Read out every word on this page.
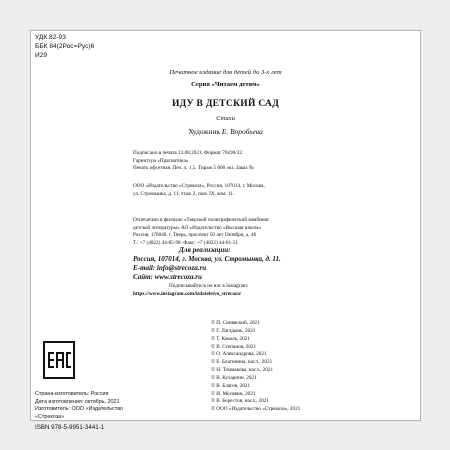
УДК 82-93
ББК 84(2Рос=Рус)6
И29
Печатное издание для детей до 3-х лет
Серия «Читаем детям»
ИДУ В ДЕТСКИЙ САД
Стихи
Художник Е. Воробьева
Подписано в печать 13.08.2021. Формат 70х90/32.
Гарнитура «Прагматика».
Печать офсетная. Печ. л. 1,5. Тираж 5 000 экз. Заказ №
ООО «Издательство «Стрекоза», Россия, 107014, г. Москва,
ул. Стромынка, д. 11, этаж 2, пом. IX, ком. 11.
Отпечатано в филиале «Тверской полиграфический комбинат
детской литературы» АО «Издательство «Высшая школа»
Россия, 170040, г. Тверь, проспект 50 лет Октября, д. 46
Т.: +7 (4822) 44-85-98. Факс: +7 (4822) 44-61-51
Для реализации:
Россия, 107014, г. Москва, ул. Стромынка, д. 11.
E-mail: info@strecoza.ru
Сайт: www.strecoza.ru
Подписывайтесь на нас в Instagram:
https://www.instagram.com/izdatelstvo_strecoza/
© П. Синявский, 2021
© Г. Лагздынь, 2021
© Т. Коваль, 2021
© В. Степанов, 2021
© О. Александрова, 2021
© Е. Благинина, насл., 2021
© Н. Томмакова, насл., 2021
© В. Кухарнин, 2021
© В. Благов, 2021
© И. Мосявин, 2021
© В. Берестов, насл., 2021
© ООО «Издательство «Стрекоза», 2021
Страна-изготовитель: Россия
Дата изготовления: октябрь, 2021
Изготовитель: ООО «Издательство
«Стрекоза»
ISBN 978-5-9951-3441-1
